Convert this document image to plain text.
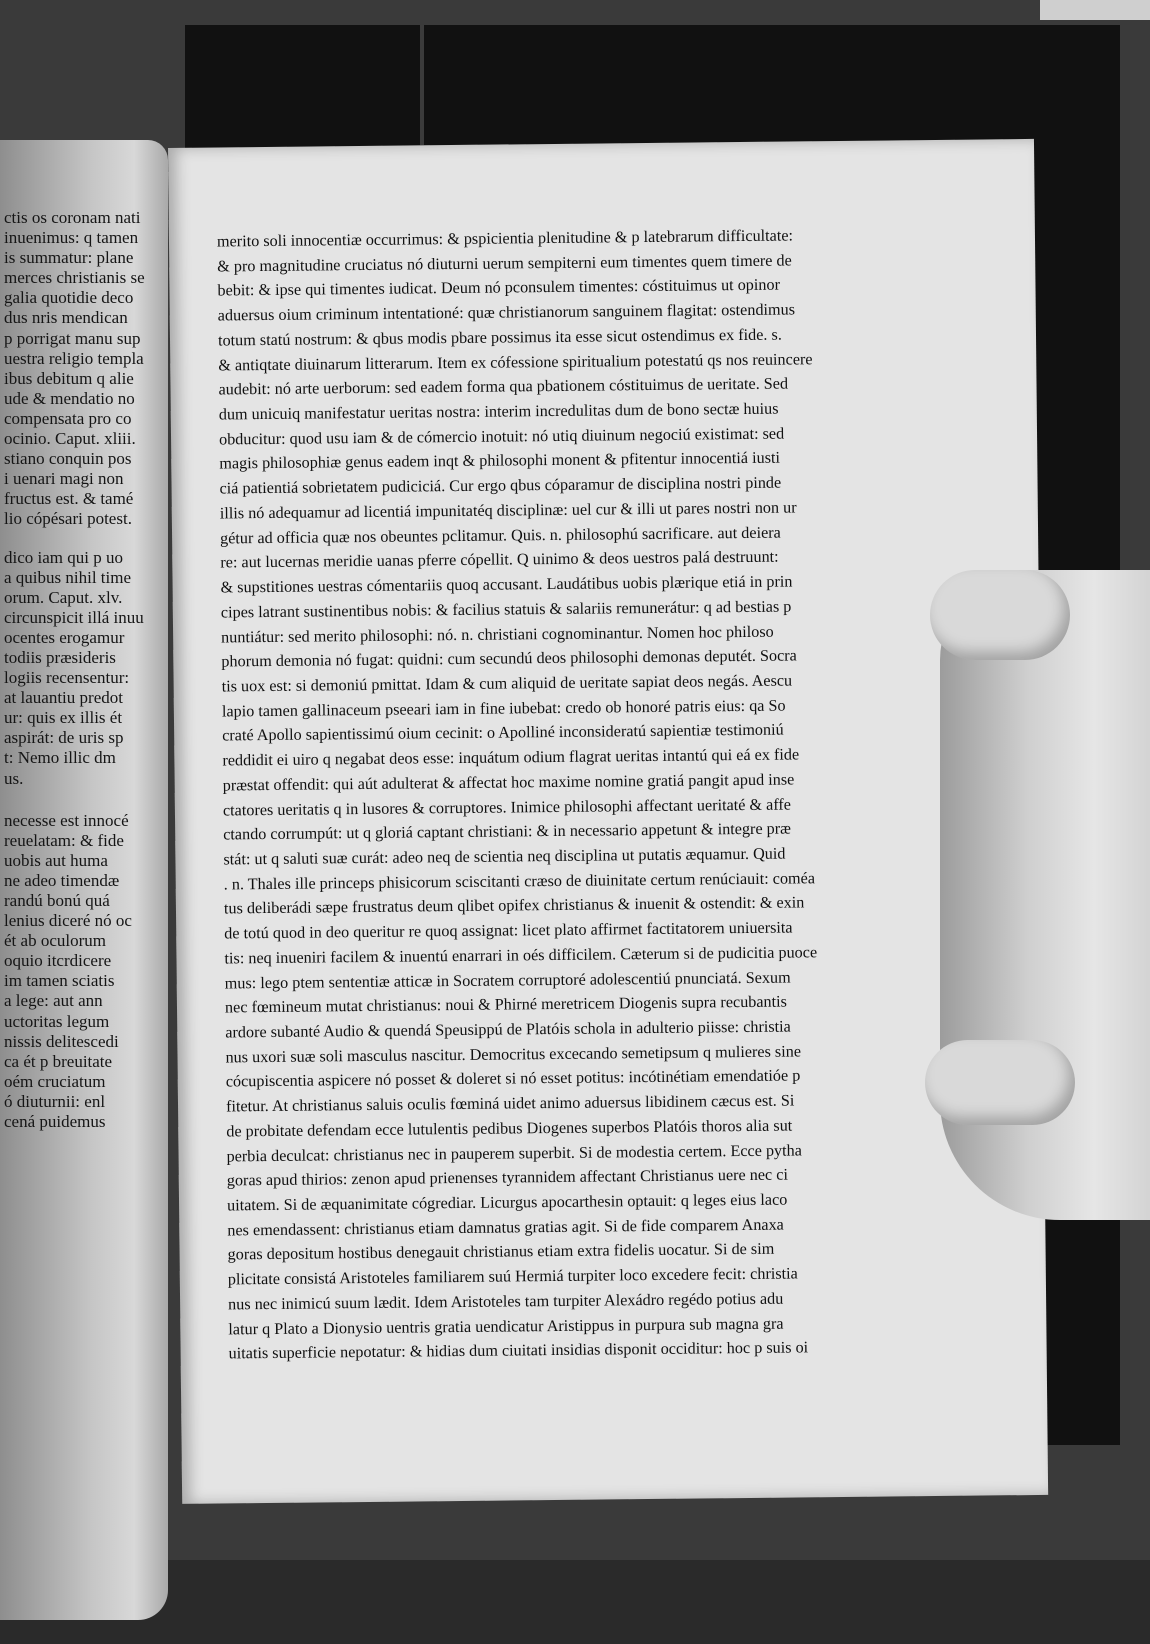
ctis os coronam nati
inuenimus: q tamen
is summatur: plane
merces christianis se
galia quotidie deco
dus nris mendican
p porrigat manu sup
uestra religio templa
ibus debitum q alie
ude & mendatio no
compensata pro co
ocinio. Caput. xliii.
stiano conquin pos
i uenari magi non
fructus est. & tamé
lio cópésari potest.
dico iam qui p uo
a quibus nihil time
orum. Caput. xlv.
circunspicit illá inuu
ocentes erogamur
todiis præsideris
logiis recensentur:
at lauantiu predot
ur: quis ex illis ét
aspirát: de uris sp
t: Nemo illic dm
us.
necesse est innocé
reuelatam: & fide
uobis aut huma
ne adeo timendæ
randú bonú quá
lenius diceré nó oc
ét ab oculorum
oquio itcrdicere
im tamen sciatis
a lege: aut ann
uctoritas legum
nissis delitescedi
ca ét p breuitate
oém cruciatum
ó diuturnii: enl
cená puidemus
merito soli innocentiæ occurrimus: & pspicientia plenitudine & p latebrarum difficultate:
& pro magnitudine cruciatus nó diuturni uerum sempiterni eum timentes quem timere de
bebit: & ipse qui timentes iudicat. Deum nó pconsulem timentes: cóstituimus ut opinor
aduersus oium criminum intentationé: quæ christianorum sanguinem flagitat: ostendimus
totum statú nostrum: & qbus modis pbare possimus ita esse sicut ostendimus ex fide. s.
& antiqtate diuinarum litterarum. Item ex cófessione spiritualium potestatú qs nos reuincere
audebit: nó arte uerborum: sed eadem forma qua pbationem cóstituimus de ueritate. Sed
dum unicuiq manifestatur ueritas nostra: interim incredulitas dum de bono sectæ huius
obducitur: quod usu iam & de cómercio inotuit: nó utiq diuinum negociú existimat: sed
magis philosophiæ genus eadem inqt & philosophi monent & pfitentur innocentiá iusti
ciá patientiá sobrietatem pudiciciá. Cur ergo qbus cóparamur de disciplina nostri pinde
illis nó adequamur ad licentiá impunitatéq disciplinæ: uel cur & illi ut pares nostri non ur
gétur ad officia quæ nos obeuntes pclitamur. Quis. n. philosophú sacrificare. aut deiera
re: aut lucernas meridie uanas pferre cópellit. Q uinimo & deos uestros palá destruunt:
& supstitiones uestras cómentariis quoq accusant. Laudátibus uobis plærique etiá in prin
cipes latrant sustinentibus nobis: & facilius statuis & salariis remunerátur: q ad bestias p
nuntiátur: sed merito philosophi: nó. n. christiani cognominantur. Nomen hoc philoso
phorum demonia nó fugat: quidni: cum secundú deos philosophi demonas deputét. Socra
tis uox est: si demoniú pmittat. Idam & cum aliquid de ueritate sapiat deos negás. Aescu
lapio tamen gallinaceum pseeari iam in fine iubebat: credo ob honoré patris eius: qa So
craté Apollo sapientissimú oium cecinit: o Apolliné inconsideratú sapientiæ testimoniú
reddidit ei uiro q negabat deos esse: inquátum odium flagrat ueritas intantú qui eá ex fide
præstat offendit: qui aút adulterat & affectat hoc maxime nomine gratiá pangit apud inse
ctatores ueritatis q in lusores & corruptores. Inimice philosophi affectant ueritaté & affe
ctando corrumpút: ut q gloriá captant christiani: & in necessario appetunt & integre præ
stát: ut q saluti suæ curát: adeo neq de scientia neq disciplina ut putatis æquamur. Quid
. n. Thales ille princeps phisicorum sciscitanti cræso de diuinitate certum renúciauit: coméa
tus deliberádi sæpe frustratus deum qlibet opifex christianus & inuenit & ostendit: & exin
de totú quod in deo queritur re quoq assignat: licet plato affirmet factitatorem uniuersita
tis: neq inueniri facilem & inuentú enarrari in oés difficilem. Cæterum si de pudicitia puoce
mus: lego ptem sententiæ atticæ in Socratem corruptoré adolescentiú pnunciatá. Sexum
nec fœmineum mutat christianus: noui & Phirné meretricem Diogenis supra recubantis
ardore subanté Audio & quendá Speusippú de Platóis schola in adulterio piisse: christia
nus uxori suæ soli masculus nascitur. Democritus excecando semetipsum q mulieres sine
cócupiscentia aspicere nó posset & doleret si nó esset potitus: incótinétiam emendatióe p
fitetur. At christianus saluis oculis fœminá uidet animo aduersus libidinem cæcus est. Si
de probitate defendam ecce lutulentis pedibus Diogenes superbos Platóis thoros alia sut
perbia deculcat: christianus nec in pauperem superbit. Si de modestia certem. Ecce pytha
goras apud thirios: zenon apud prienenses tyrannidem affectant Christianus uere nec ci
uitatem. Si de æquanimitate cógrediar. Licurgus apocarthesin optauit: q leges eius laco
nes emendassent: christianus etiam damnatus gratias agit. Si de fide comparem Anaxa
goras depositum hostibus denegauit christianus etiam extra fidelis uocatur. Si de sim
plicitate consistá Aristoteles familiarem suú Hermiá turpiter loco excedere fecit: christia
nus nec inimicú suum lædit. Idem Aristoteles tam turpiter Alexádro regédo potius adu
latur q Plato a Dionysio uentris gratia uendicatur Aristippus in purpura sub magna gra
uitatis superficie nepotatur: & hidias dum ciuitati insidias disponit occiditur: hoc p suis oi
